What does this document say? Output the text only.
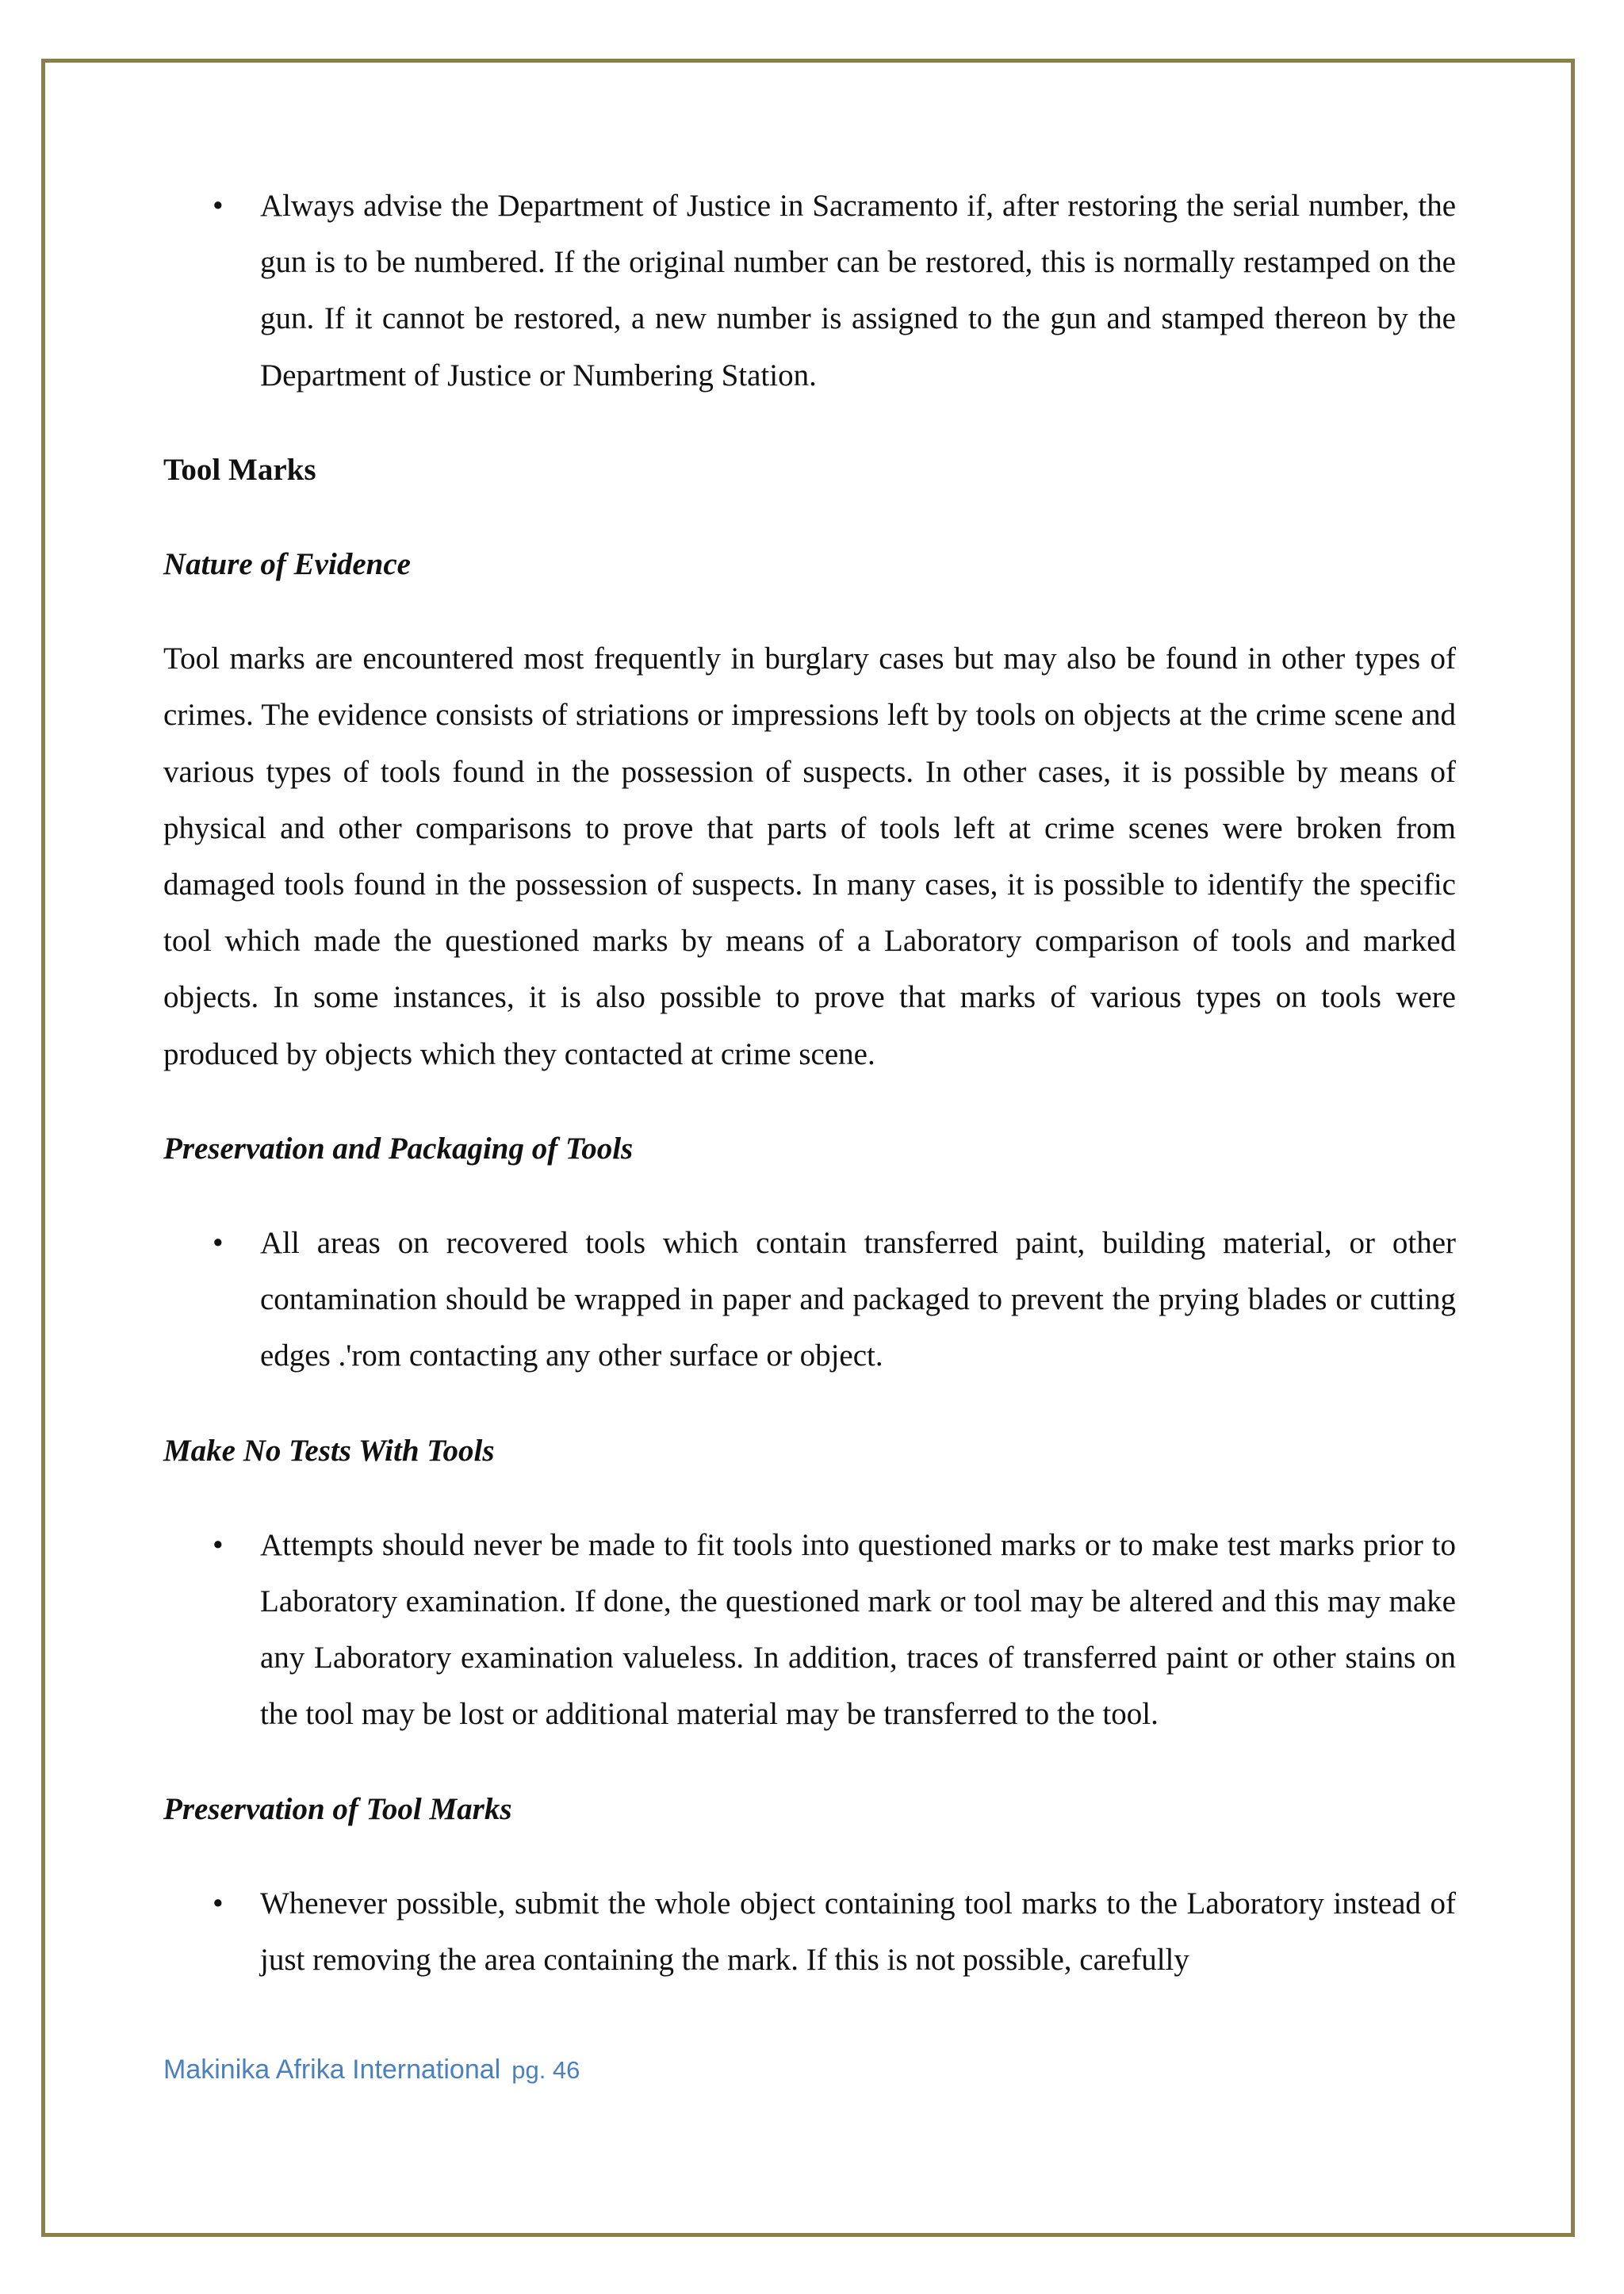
• Always advise the Department of Justice in Sacramento if, after restoring the serial number, the gun is to be numbered. If the original number can be restored, this is normally restamped on the gun. If it cannot be restored, a new number is assigned to the gun and stamped thereon by the Department of Justice or Numbering Station.

Tool Marks

Nature of Evidence

Tool marks are encountered most frequently in burglary cases but may also be found in other types of crimes. The evidence consists of striations or impressions left by tools on objects at the crime scene and various types of tools found in the possession of suspects. In other cases, it is possible by means of physical and other comparisons to prove that parts of tools left at crime scenes were broken from damaged tools found in the possession of suspects. In many cases, it is possible to identify the specific tool which made the questioned marks by means of a Laboratory comparison of tools and marked objects. In some instances, it is also possible to prove that marks of various types on tools were produced by objects which they contacted at crime scene.

Preservation and Packaging of Tools

• All areas on recovered tools which contain transferred paint, building material, or other contamination should be wrapped in paper and packaged to prevent the prying blades or cutting edges .'rom contacting any other surface or object.

Make No Tests With Tools

• Attempts should never be made to fit tools into questioned marks or to make test marks prior to Laboratory examination. If done, the questioned mark or tool may be altered and this may make any Laboratory examination valueless. In addition, traces of transferred paint or other stains on the tool may be lost or additional material may be transferred to the tool.

Preservation of Tool Marks

• Whenever possible, submit the whole object containing tool marks to the Laboratory instead of just removing the area containing the mark. If this is not possible, carefully

Makinika Afrika International pg. 46
